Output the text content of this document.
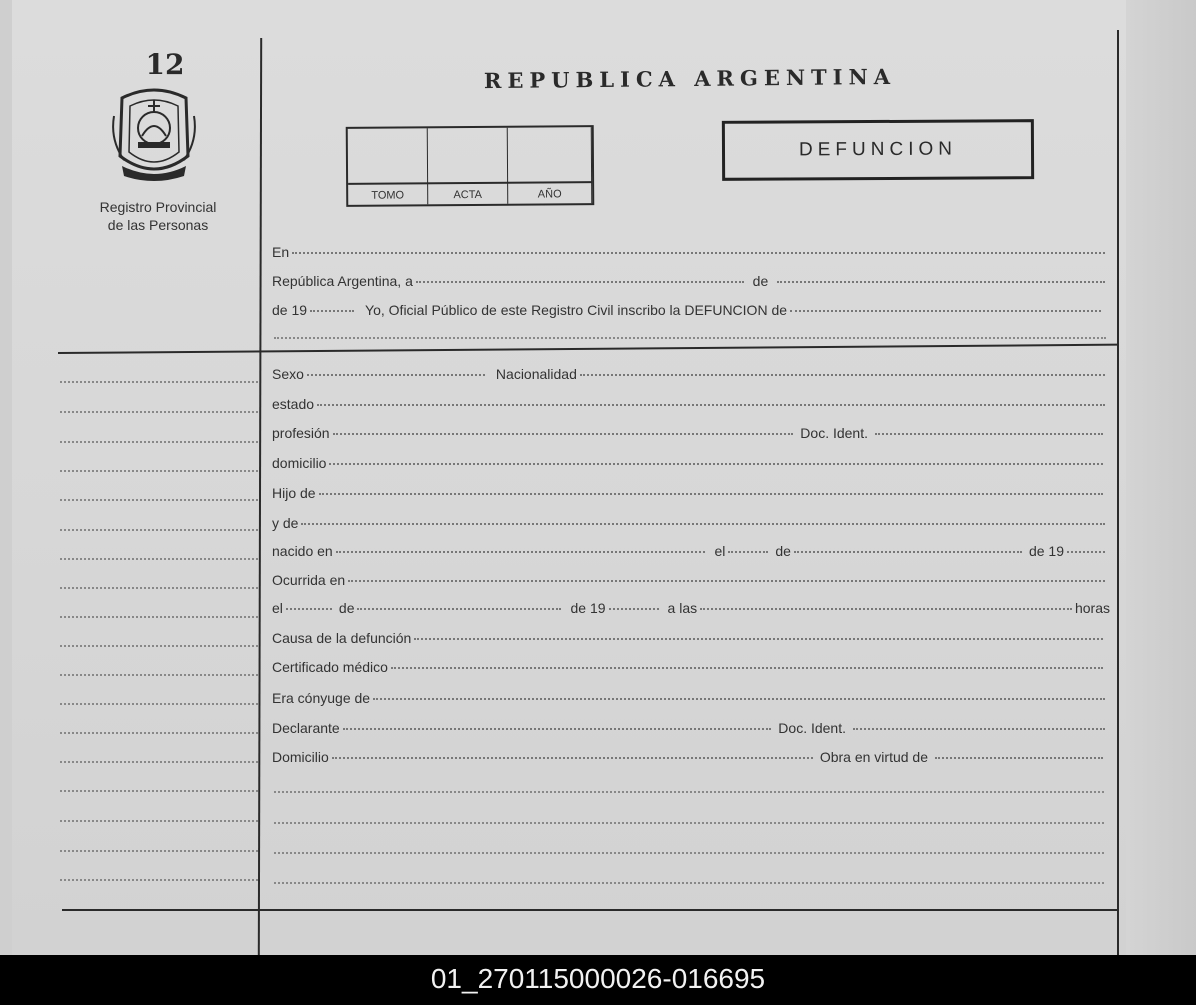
12
Registro Provincial
de las Personas
REPUBLICA ARGENTINA
TOMO	ACTA	AÑO
DEFUNCION
En
República Argentina, a	de
de 19	Yo, Oficial Público de este Registro Civil inscribo la DEFUNCION de
Sexo	Nacionalidad
estado
profesión	Doc. Ident.
domicilio
Hijo de
y de
nacido en	el	de	de 19
Ocurrida en
el	de	de 19	a las	horas
Causa de la defunción
Certificado médico
Era cónyuge de
Declarante	Doc. Ident.
Domicilio	Obra en virtud de
01_270115000026-016695
